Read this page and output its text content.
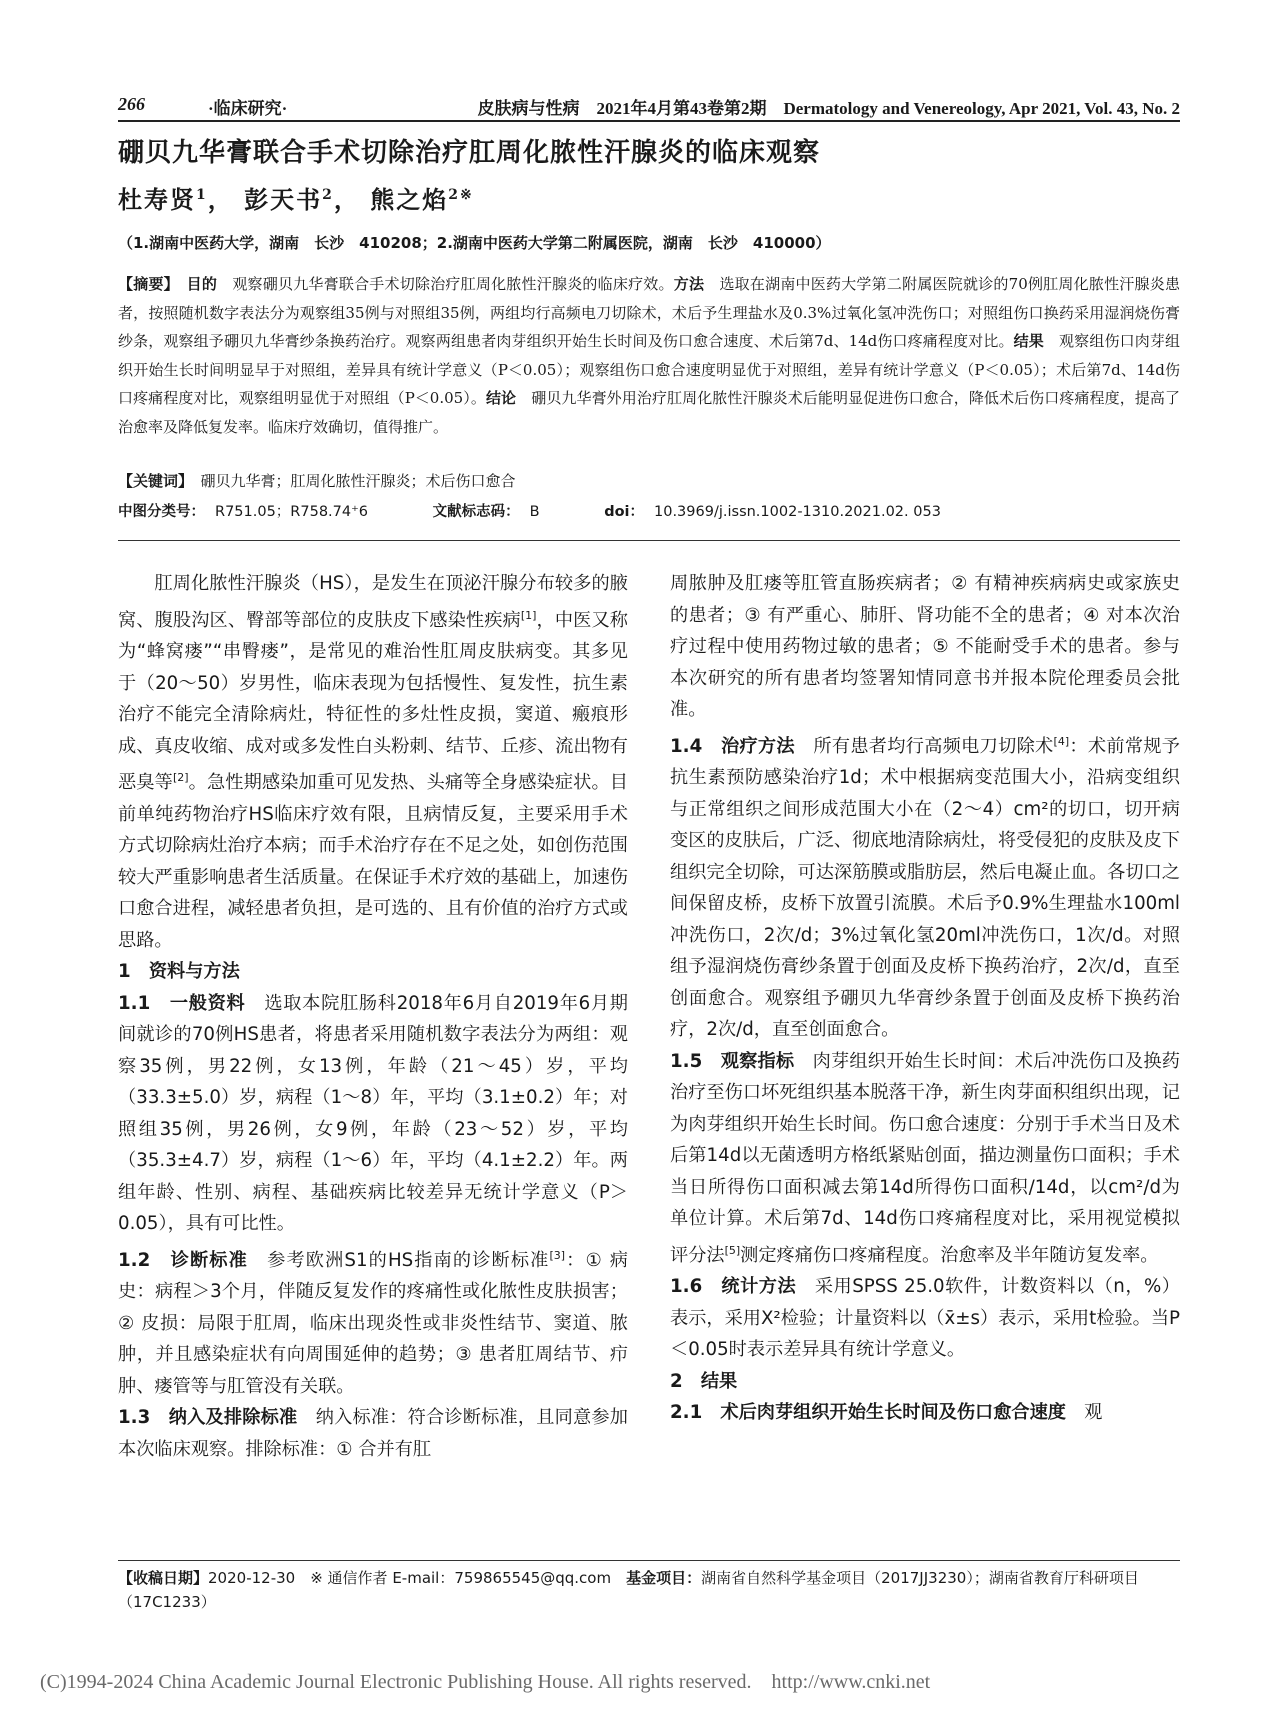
266	·临床研究·	皮肤病与性病　2021年4月第43卷第2期　Dermatology and Venereology, Apr 2021, Vol. 43, No. 2
硼贝九华膏联合手术切除治疗肛周化脓性汗腺炎的临床观察
杜寿贤$^1$， 彭天书$^2$， 熊之焰$^{2※}$
（1.湖南中医药大学，湖南　长沙　410208；2.湖南中医药大学第二附属医院，湖南　长沙　410000）
【摘要】　 目的　 观察硼贝九华膏联合手术切除治疗肛周化脓性汗腺炎的临床疗效。方法　 选取在湖南中医药大学第二附属医院就诊的70例肛周化脓性汗腺炎患者，按照随机数字表法分为观察组35例与对照组35例，两组均行高频电刀切除术，术后予生理盐水及0.3%过氧化氢冲洗伤口；对照组伤口换药采用湿润烧伤膏纱条，观察组予硼贝九华膏纱条换药治疗。观察两组患者肉芽组织开始生长时间及伤口愈合速度、术后第7d、14d伤口疼痛程度对比。结果　 观察组伤口肉芽组织开始生长时间明显早于对照组，差异具有统计学意义（P＜0.05）；观察组伤口愈合速度明显优于对照组，差异有统计学意义（P＜0.05）；术后第7d、14d伤口疼痛程度对比，观察组明显优于对照组（P＜0.05）。结论　 硼贝九华膏外用治疗肛周化脓性汗腺炎术后能明显促进伤口愈合，降低术后伤口疼痛程度，提高了治愈率及降低复发率。临床疗效确切，值得推广。
【关键词】　 硼贝九华膏；肛周化脓性汗腺炎；术后伤口愈合
中图分类号： R751.05；R758.74⁺6	文献标志码： B	doi： 10.3969/j.issn.1002-1310.2021.02. 053

肛周化脓性汗腺炎（HS），是发生在顶泌汗腺分布较多的腋窝、腹股沟区、臀部等部位的皮肤皮下感染性疾病[1]，中医又称为“蜂窝瘘”“串臀瘘”，是常见的难治性肛周皮肤病变。其多见于（20～50）岁男性，临床表现为包括慢性、复发性，抗生素治疗不能完全清除病灶，特征性的多灶性皮损，窦道、瘢痕形成、真皮收缩、成对或多发性白头粉刺、结节、丘疹、流出物有恶臭等[2]。急性期感染加重可见发热、头痛等全身感染症状。目前单纯药物治疗HS临床疗效有限，且病情反复，主要采用手术方式切除病灶治疗本病；而手术治疗存在不足之处，如创伤范围较大严重影响患者生活质量。在保证手术疗效的基础上，加速伤口愈合进程，减轻患者负担，是可选的、且有价值的治疗方式或思路。

1　资料与方法

1.1　一般资料　选取本院肛肠科2018年6月自2019年6月期间就诊的70例HS患者，将患者采用随机数字表法分为两组：观察35例，男22例，女13例，年龄（21～45）岁，平均（33.3±5.0）岁，病程（1～8）年，平均（3.1±0.2）年；对照组35例，男26例，女9例，年龄（23～52）岁，平均（35.3±4.7）岁，病程（1～6）年，平均（4.1±2.2）年。两组年龄、性别、病程、基础疾病比较差异无统计学意义（P＞0.05），具有可比性。

1.2　诊断标准　参考欧洲S1的HS指南的诊断标准[3]：① 病史：病程＞3个月，伴随反复发作的疼痛性或化脓性皮肤损害；② 皮损：局限于肛周，临床出现炎性或非炎性结节、窦道、脓肿，并且感染症状有向周围延伸的趋势；③ 患者肛周结节、疖肿、瘘管等与肛管没有关联。

1.3　纳入及排除标准　纳入标准：符合诊断标准，且同意参加本次临床观察。排除标准：① 合并有肛

周脓肿及肛瘘等肛管直肠疾病者；② 有精神疾病病史或家族史的患者；③ 有严重心、肺肝、肾功能不全的患者；④ 对本次治疗过程中使用药物过敏的患者；⑤ 不能耐受手术的患者。参与本次研究的所有患者均签署知情同意书并报本院伦理委员会批准。

1.4　治疗方法　所有患者均行高频电刀切除术[4]：术前常规予抗生素预防感染治疗1d；术中根据病变范围大小，沿病变组织与正常组织之间形成范围大小在（2～4）cm²的切口，切开病变区的皮肤后，广泛、彻底地清除病灶，将受侵犯的皮肤及皮下组织完全切除，可达深筋膜或脂肪层，然后电凝止血。各切口之间保留皮桥，皮桥下放置引流膜。术后予0.9%生理盐水100ml冲洗伤口，2次/d；3%过氧化氢20ml冲洗伤口，1次/d。对照组予湿润烧伤膏纱条置于创面及皮桥下换药治疗，2次/d，直至创面愈合。观察组予硼贝九华膏纱条置于创面及皮桥下换药治疗，2次/d，直至创面愈合。

1.5　观察指标　肉芽组织开始生长时间：术后冲洗伤口及换药治疗至伤口坏死组织基本脱落干净，新生肉芽面积组织出现，记为肉芽组织开始生长时间。伤口愈合速度：分别于手术当日及术后第14d以无菌透明方格纸紧贴创面，描边测量伤口面积；手术当日所得伤口面积减去第14d所得伤口面积/14d，以cm²/d为单位计算。术后第7d、14d伤口疼痛程度对比，采用视觉模拟评分法[5]测定疼痛伤口疼痛程度。治愈率及半年随访复发率。

1.6　统计方法　采用SPSS 25.0软件，计数资料以（n，%）表示，采用X²检验；计量资料以（x̄±s）表示，采用t检验。当P＜0.05时表示差异具有统计学意义。

2　结果

2.1　术后肉芽组织开始生长时间及伤口愈合速度　观

【收稿日期】2020-12-30　 ※ 通信作者 E-mail：759865545@qq.com　 基金项目：湖南省自然科学基金项目（2017JJ3230）；湖南省教育厅科研项目（17C1233）
(C)1994-2024 China Academic Journal Electronic Publishing House. All rights reserved.　http://www.cnki.net
